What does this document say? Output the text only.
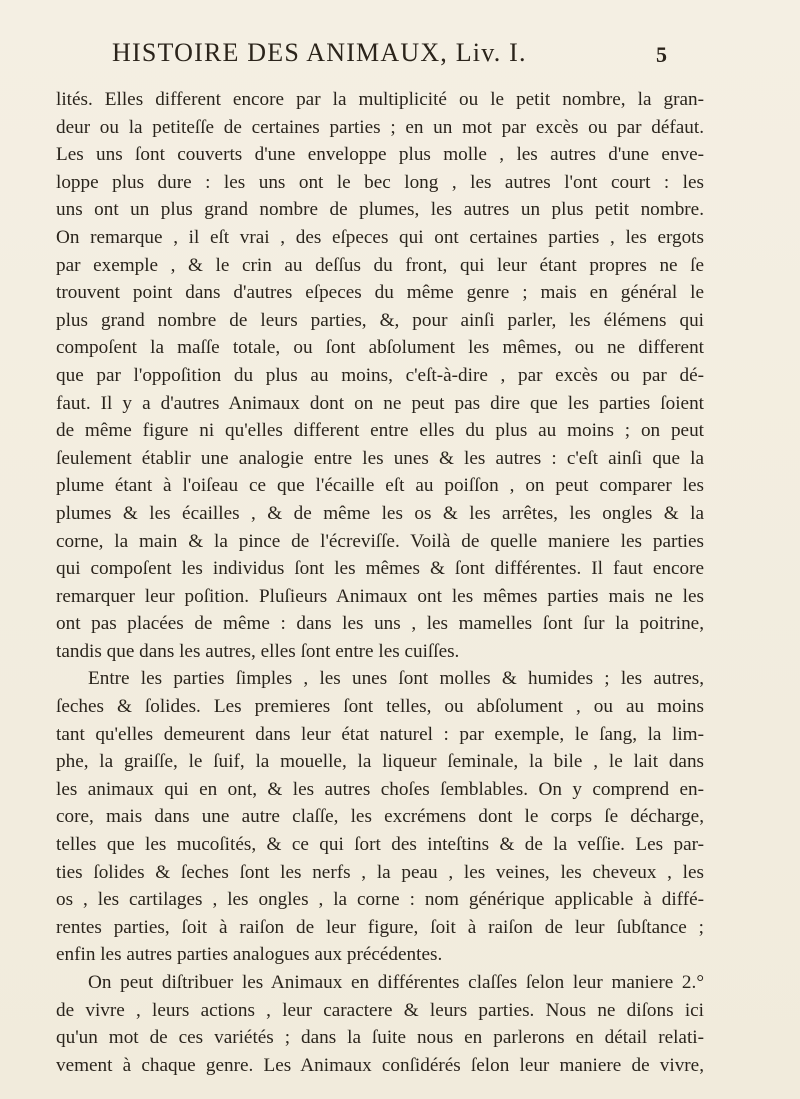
HISTOIRE DES ANIMAUX, Liv. I.	5
lités. Elles different encore par la multiplicité ou le petit nombre, la gran-
deur ou la petiteſſe de certaines parties ; en un mot par excès ou par défaut.
Les uns ſont couverts d'une enveloppe plus molle , les autres d'une enve-
loppe plus dure : les uns ont le bec long , les autres l'ont court : les
uns ont un plus grand nombre de plumes, les autres un plus petit nombre.
On remarque , il eſt vrai , des eſpeces qui ont certaines parties , les ergots
par exemple , & le crin au deſſus du front, qui leur étant propres ne ſe
trouvent point dans d'autres eſpeces du même genre ; mais en général le
plus grand nombre de leurs parties, &, pour ainſi parler, les élémens qui
compoſent la maſſe totale, ou ſont abſolument les mêmes, ou ne different
que par l'oppoſition du plus au moins, c'eſt-à-dire , par excès ou par dé-
faut. Il y a d'autres Animaux dont on ne peut pas dire que les parties ſoient
de même figure ni qu'elles different entre elles du plus au moins ; on peut
ſeulement établir une analogie entre les unes & les autres : c'eſt ainſi que la
plume étant à l'oiſeau ce que l'écaille eſt au poiſſon , on peut comparer les
plumes & les écailles , & de même les os & les arrêtes, les ongles & la
corne, la main & la pince de l'écreviſſe. Voilà de quelle maniere les parties
qui compoſent les individus ſont les mêmes & ſont différentes. Il faut encore
remarquer leur poſition. Pluſieurs Animaux ont les mêmes parties mais ne les
ont pas placées de même : dans les uns , les mamelles ſont ſur la poitrine,
tandis que dans les autres, elles ſont entre les cuiſſes.
Entre les parties ſimples , les unes ſont molles & humides ; les autres,
ſeches & ſolides. Les premieres ſont telles, ou abſolument , ou au moins
tant qu'elles demeurent dans leur état naturel : par exemple, le ſang, la lim-
phe, la graiſſe, le ſuif, la mouelle, la liqueur ſeminale, la bile , le lait dans
les animaux qui en ont, & les autres choſes ſemblables. On y comprend en-
core, mais dans une autre claſſe, les excrémens dont le corps ſe décharge,
telles que les mucoſités, & ce qui ſort des inteſtins & de la veſſie. Les par-
ties ſolides & ſeches ſont les nerfs , la peau , les veines, les cheveux , les
os , les cartilages , les ongles , la corne : nom générique applicable à diffé-
rentes parties, ſoit à raiſon de leur figure, ſoit à raiſon de leur ſubſtance ;
enfin les autres parties analogues aux précédentes.
On peut diſtribuer les Animaux en différentes claſſes ſelon leur maniere 2.°
de vivre , leurs actions , leur caractere & leurs parties. Nous ne diſons ici
qu'un mot de ces variétés ; dans la ſuite nous en parlerons en détail relati-
vement à chaque genre. Les Animaux conſidérés ſelon leur maniere de vivre,
